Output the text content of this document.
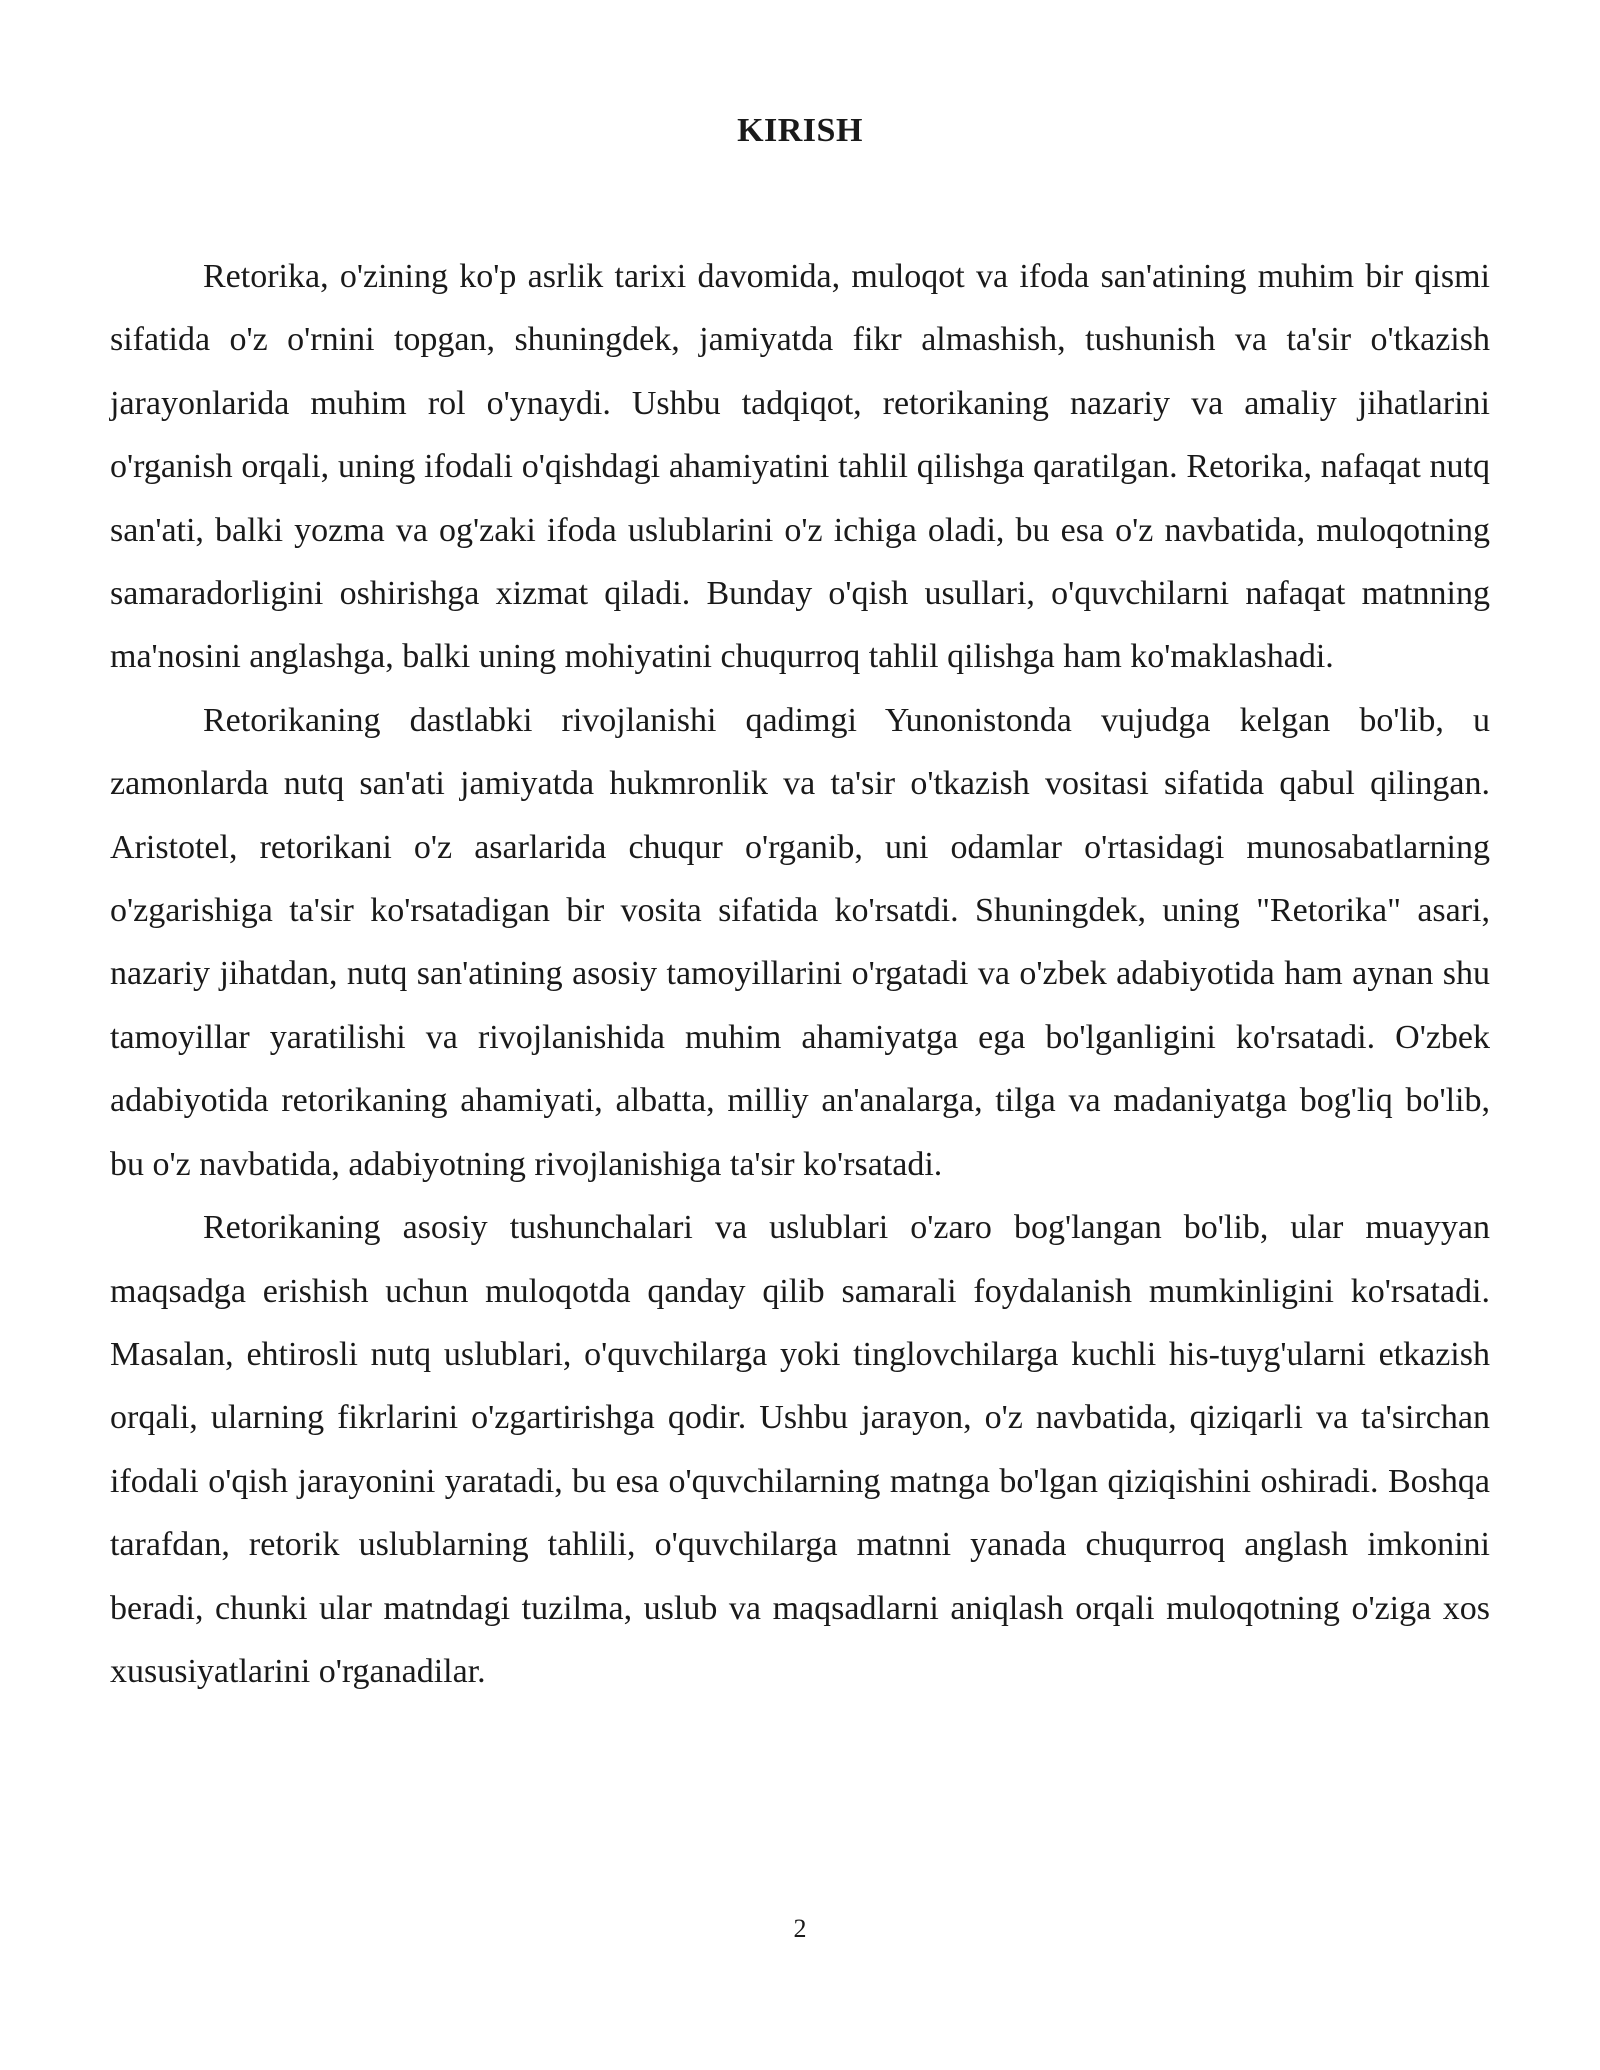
KIRISH

Retorika, o'zining ko'p asrlik tarixi davomida, muloqot va ifoda san'atining muhim bir qismi sifatida o'z o'rnini topgan, shuningdek, jamiyatda fikr almashish, tushunish va ta'sir o'tkazish jarayonlarida muhim rol o'ynaydi. Ushbu tadqiqot, retorikaning nazariy va amaliy jihatlarini o'rganish orqali, uning ifodali o'qishdagi ahamiyatini tahlil qilishga qaratilgan. Retorika, nafaqat nutq san'ati, balki yozma va og'zaki ifoda uslublarini o'z ichiga oladi, bu esa o'z navbatida, muloqotning samaradorligini oshirishga xizmat qiladi. Bunday o'qish usullari, o'quvchilarni nafaqat matnning ma'nosini anglashga, balki uning mohiyatini chuqurroq tahlil qilishga ham ko'maklashadi.

Retorikaning dastlabki rivojlanishi qadimgi Yunonistonda vujudga kelgan bo'lib, u zamonlarda nutq san'ati jamiyatda hukmronlik va ta'sir o'tkazish vositasi sifatida qabul qilingan. Aristotel, retorikani o'z asarlarida chuqur o'rganib, uni odamlar o'rtasidagi munosabatlarning o'zgarishiga ta'sir ko'rsatadigan bir vosita sifatida ko'rsatdi. Shuningdek, uning "Retorika" asari, nazariy jihatdan, nutq san'atining asosiy tamoyillarini o'rgatadi va o'zbek adabiyotida ham aynan shu tamoyillar yaratilishi va rivojlanishida muhim ahamiyatga ega bo'lganligini ko'rsatadi. O'zbek adabiyotida retorikaning ahamiyati, albatta, milliy an'analarga, tilga va madaniyatga bog'liq bo'lib, bu o'z navbatida, adabiyotning rivojlanishiga ta'sir ko'rsatadi.

Retorikaning asosiy tushunchalari va uslublari o'zaro bog'langan bo'lib, ular muayyan maqsadga erishish uchun muloqotda qanday qilib samarali foydalanish mumkinligini ko'rsatadi. Masalan, ehtirosli nutq uslublari, o'quvchilarga yoki tinglovchilarga kuchli his-tuyg'ularni etkazish orqali, ularning fikrlarini o'zgartirishga qodir. Ushbu jarayon, o'z navbatida, qiziqarli va ta'sirchan ifodali o'qish jarayonini yaratadi, bu esa o'quvchilarning matnga bo'lgan qiziqishini oshiradi. Boshqa tarafdan, retorik uslublarning tahlili, o'quvchilarga matnni yanada chuqurroq anglash imkonini beradi, chunki ular matndagi tuzilma, uslub va maqsadlarni aniqlash orqali muloqotning o'ziga xos xususiyatlarini o'rganadilar.

2
